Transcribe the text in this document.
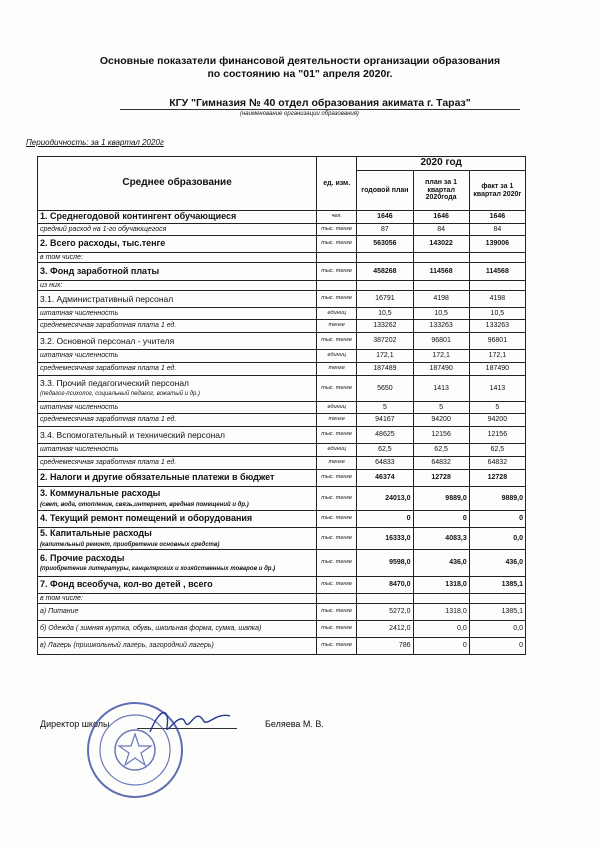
Основные показатели финансовой деятельности организации образования
по состоянию на "01" апреля 2020г.
КГУ "Гимназия № 40 отдел образования акимата г. Тараз"
(наименование организации образования)
Периодичность: за 1 квартал 2020г
Среднее образование	ед. изм.	2020 год		
		годовой план	план за 1 квартал 2020года	факт за 1 квартал 2020г
1. Среднегодовой контингент обучающиеся	чел.	1646	1646	1646
средний расход на 1-го обучающегося	тыс. тенге	87	84	84
2. Всего расходы, тыс.тенге	тыс. тенге	563056	143022	139006
в том числе:				
3. Фонд заработной платы	тыс. тенге	458268	114568	114568
из них:				
3.1. Административный персонал	тыс. тенге	16791	4198	4198
штатная численность	единиц	10,5	10,5	10,5
среднемесячная заработная плата 1 ед.	тенге	133262	133263	133263
3.2. Основной персонал - учителя	тыс. тенге	387202	96801	96801
штатная численность	единиц	172,1	172,1	172,1
среднемесячная заработная плата 1 ед.	тенге	187489	187490	187490
3.3. Прочий педагогический персонал
(педагог-психолог, социальный педагог, вожатый и др.)	тыс. тенге	5650	1413	1413
штатная численность	единиц	5	5	5
среднемесячная заработная плата 1 ед.	тенге	94167	94200	94200
3.4. Вспомогательный и технический персонал	тыс. тенге	48625	12156	12156
штатная численность	единиц	62,5	62,5	62,5
среднемесячная заработная плата 1 ед.	тенге	64833	64832	64832
2. Налоги и другие обязательные платежи в бюджет	тыс. тенге	46374	12728	12728
3. Коммунальные расходы
(свет, вода, отопление, связь,интернет, вредная помещений и др.)	тыс. тенге	24013,0	9889,0	9889,0
4. Текущий ремонт помещений и оборудования	тыс. тенге	0	0	0
5. Капитальные расходы
(капительный ремонт, приобретение основных средств)	тыс. тенге	16333,0	4083,3	0,0
6. Прочие расходы
(приобретение литературы, канцелярских и хозяйственных товаров и др.)	тыс. тенге	9598,0	436,0	436,0
7. Фонд всеобуча, кол-во детей , всего	тыс. тенге	8470,0	1318,0	1385,1
в том числе:				
а) Питание	тыс. тенге	5272,0	1318,0	1385,1
б) Одежда ( зимняя куртка, обувь, школьная форма, сумка, шапка)	тыс. тенге	2412,0	0,0	0,0
в) Лагерь (пришкольный лагерь, загородний лагерь)	тыс. тенге	786	0	0
Директор школы	Беляева М. В.
